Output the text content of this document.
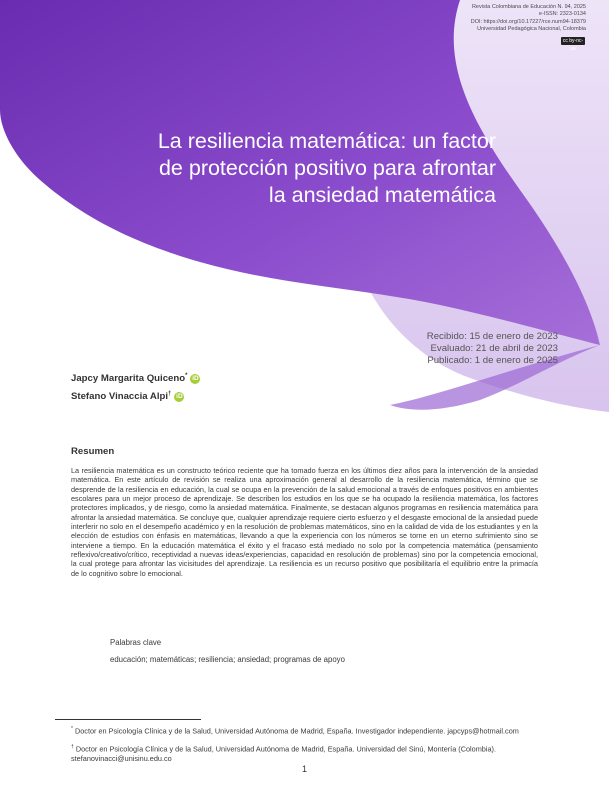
Revista Colombiana de Educación N. 94, 2025
e-ISSN: 2323-0134
DOI: https://doi.org/10.17227/rce.num94-18379
Universidad Pedagógica Nacional, Colombia
cc by-nc-sa
La resiliencia matemática: un factor
de protección positivo para afrontar
la ansiedad matemática
Recibido: 15 de enero de 2023
Evaluado: 21 de abril de 2023
Publicado: 1 de enero de 2025
Japcy Margarita Quiceno* iD
Stefano Vinaccia Alpi† iD
Resumen

La resiliencia matemática es un constructo teórico reciente que ha tomado fuerza en los últimos diez años para la intervención de la ansiedad matemática. En este artículo de revisión se realiza una aproximación general al desarrollo de la resiliencia matemática, término que se desprende de la resiliencia en educación, la cual se ocupa en la prevención de la salud emocional a través de enfoques positivos en ambientes escolares para un mejor proceso de aprendizaje. Se describen los estudios en los que se ha ocupado la resiliencia matemática, los factores protectores implicados, y de riesgo, como la ansiedad matemática. Finalmente, se destacan algunos programas en resiliencia matemática para afrontar la ansiedad matemática. Se concluye que, cualquier aprendizaje requiere cierto esfuerzo y el desgaste emocional de la ansiedad puede interferir no solo en el desempeño académico y en la resolución de problemas matemáticos, sino en la calidad de vida de los estudiantes y en la elección de estudios con énfasis en matemáticas, llevando a que la experiencia con los números se torne en un eterno sufrimiento sino se interviene a tiempo. En la educación matemática el éxito y el fracaso está mediado no solo por la competencia matemática (pensamiento reflexivo/creativo/crítico, receptividad a nuevas ideas/experiencias, capacidad en resolución de problemas) sino por la competencia emocional, la cual protege para afrontar las vicisitudes del aprendizaje. La resiliencia es un recurso positivo que posibilitaría el equilibrio entre la primacía de lo cognitivo sobre lo emocional.

Palabras clave
educación; matemáticas; resiliencia; ansiedad; programas de apoyo
* Doctor en Psicología Clínica y de la Salud, Universidad Autónoma de Madrid, España. Investigador independiente. japcyps@hotmail.com
† Doctor en Psicología Clínica y de la Salud, Universidad Autónoma de Madrid, España. Universidad del Sinú, Montería (Colombia). stefanovinacci@unisinu.edu.co
1
